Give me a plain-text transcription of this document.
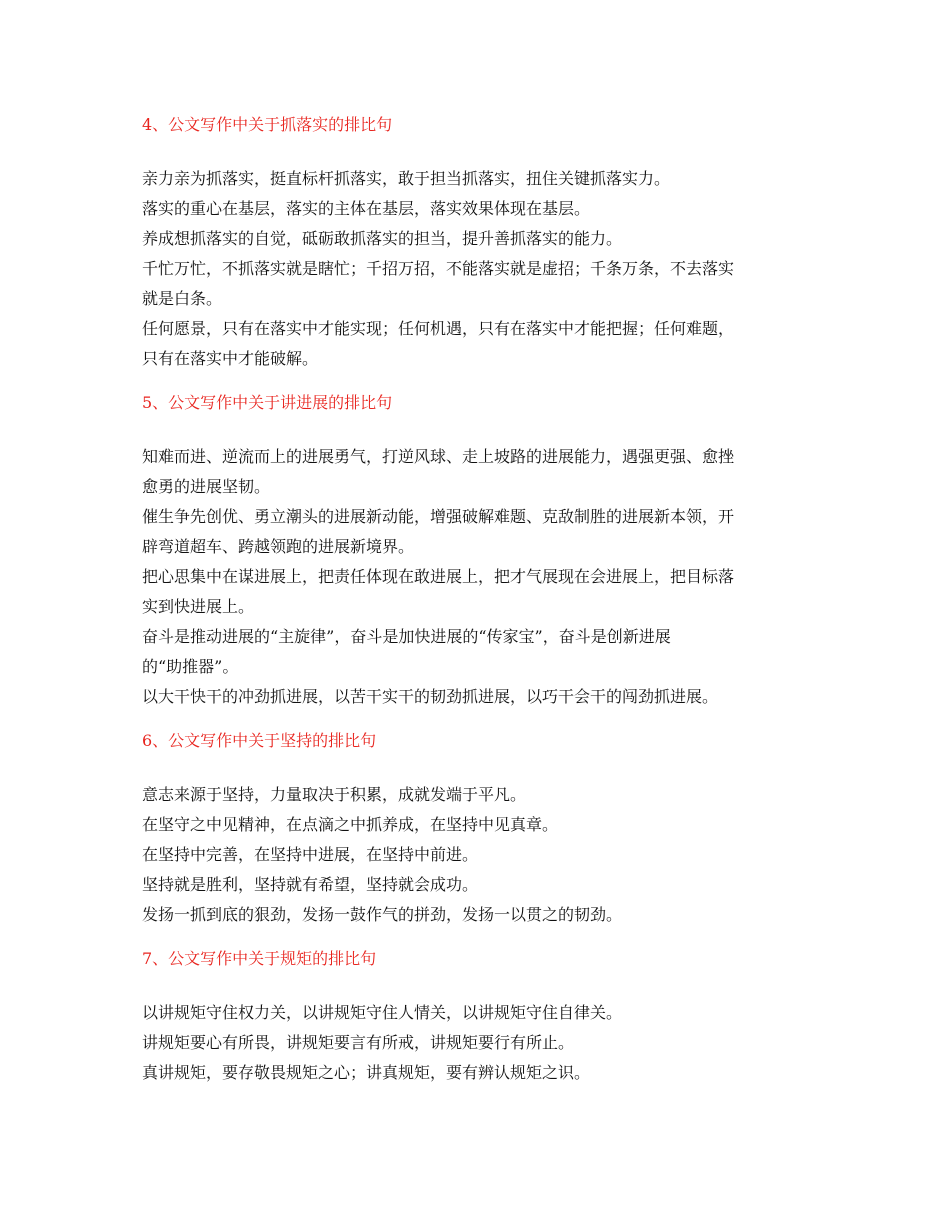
4、公文写作中关于抓落实的排比句

亲力亲为抓落实，挺直标杆抓落实，敢于担当抓落实，扭住关键抓落实力。

落实的重心在基层，落实的主体在基层，落实效果体现在基层。

养成想抓落实的自觉，砥砺敢抓落实的担当，提升善抓落实的能力。

千忙万忙，不抓落实就是瞎忙；千招万招，不能落实就是虚招；千条万条，不去落实

就是白条。

任何愿景，只有在落实中才能实现；任何机遇，只有在落实中才能把握；任何难题，

只有在落实中才能破解。

5、公文写作中关于讲进展的排比句

知难而进、逆流而上的进展勇气，打逆风球、走上坡路的进展能力，遇强更强、愈挫

愈勇的进展坚韧。

催生争先创优、勇立潮头的进展新动能，增强破解难题、克敌制胜的进展新本领，开

辟弯道超车、跨越领跑的进展新境界。

把心思集中在谋进展上，把责任体现在敢进展上，把才气展现在会进展上，把目标落

实到快进展上。

奋斗是推动进展的“主旋律”，奋斗是加快进展的“传家宝”，奋斗是创新进展

的“助推器”。

以大干快干的冲劲抓进展，以苦干实干的韧劲抓进展，以巧干会干的闯劲抓进展。

6、公文写作中关于坚持的排比句

意志来源于坚持，力量取决于积累，成就发端于平凡。

在坚守之中见精神，在点滴之中抓养成，在坚持中见真章。

在坚持中完善，在坚持中进展，在坚持中前进。

坚持就是胜利，坚持就有希望，坚持就会成功。

发扬一抓到底的狠劲，发扬一鼓作气的拼劲，发扬一以贯之的韧劲。

7、公文写作中关于规矩的排比句

以讲规矩守住权力关，以讲规矩守住人情关，以讲规矩守住自律关。

讲规矩要心有所畏，讲规矩要言有所戒，讲规矩要行有所止。

真讲规矩，要存敬畏规矩之心；讲真规矩，要有辨认规矩之识。
